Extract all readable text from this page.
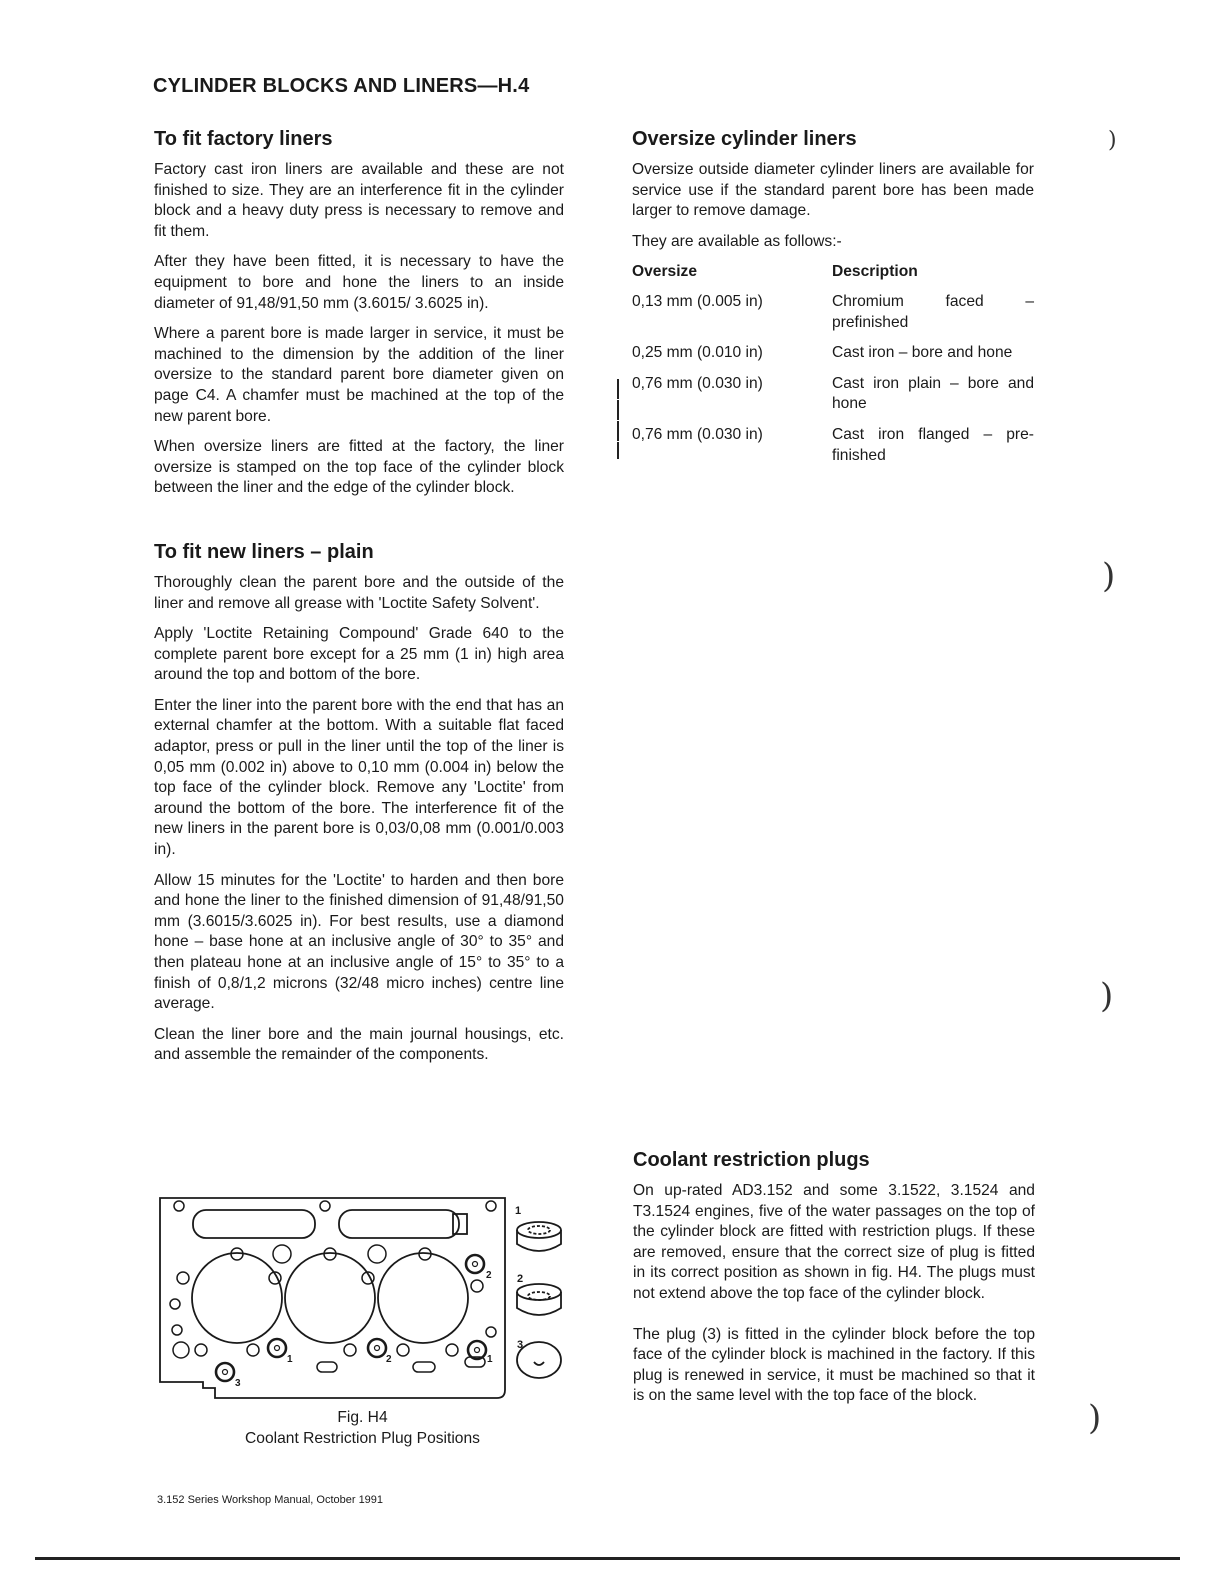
CYLINDER BLOCKS AND LINERS—H.4
To fit factory liners

Factory cast iron liners are available and these are not finished to size. They are an interference fit in the cylinder block and a heavy duty press is necessary to remove and fit them.

After they have been fitted, it is necessary to have the equipment to bore and hone the liners to an inside diameter of 91,48/91,50 mm (3.6015/ 3.6025 in).

Where a parent bore is made larger in service, it must be machined to the dimension by the addition of the liner oversize to the standard parent bore diameter given on page C4. A chamfer must be machined at the top of the new parent bore.

When oversize liners are fitted at the factory, the liner oversize is stamped on the top face of the cylinder block between the liner and the edge of the cylinder block.

To fit new liners – plain

Thoroughly clean the parent bore and the outside of the liner and remove all grease with 'Loctite Safety Solvent'.

Apply 'Loctite Retaining Compound' Grade 640 to the complete parent bore except for a 25 mm (1 in) high area around the top and bottom of the bore.

Enter the liner into the parent bore with the end that has an external chamfer at the bottom. With a suitable flat faced adaptor, press or pull in the liner until the top of the liner is 0,05 mm (0.002 in) above to 0,10 mm (0.004 in) below the top face of the cylinder block. Remove any 'Loctite' from around the bottom of the bore. The interference fit of the new liners in the parent bore is 0,03/0,08 mm (0.001/0.003 in).

Allow 15 minutes for the 'Loctite' to harden and then bore and hone the liner to the finished dimension of 91,48/91,50 mm (3.6015/3.6025 in). For best results, use a diamond hone – base hone at an inclusive angle of 30° to 35° and then plateau hone at an inclusive angle of 15° to 35° to a finish of 0,8/1,2 microns (32/48 micro inches) centre line average.

Clean the liner bore and the main journal housings, etc. and assemble the remainder of the components.

Oversize cylinder liners

Oversize outside diameter cylinder liners are available for service use if the standard parent bore has been made larger to remove damage.

They are available as follows:-

Oversize	Description
0,13 mm (0.005 in)	Chromium faced – prefinished
0,25 mm (0.010 in)	Cast iron – bore and hone
0,76 mm (0.030 in)	Cast iron plain – bore and hone
0,76 mm (0.030 in)	Cast iron flanged – pre-finished
Coolant restriction plugs

On up-rated AD3.152 and some 3.1522, 3.1524 and T3.1524 engines, five of the water passages on the top of the cylinder block are fitted with restriction plugs. If these are removed, ensure that the correct size of plug is fitted in its correct position as shown in fig. H4. The plugs must not extend above the top face of the cylinder block.

The plug (3) is fitted in the cylinder block before the top face of the cylinder block is machined in the factory. If this plug is renewed in service, it must be machined so that it is on the same level with the top face of the block.

2
1	2	1
3
1
2
3
Fig. H4
Coolant Restriction Plug Positions
3.152 Series Workshop Manual, October 1991
)
)
)
)
